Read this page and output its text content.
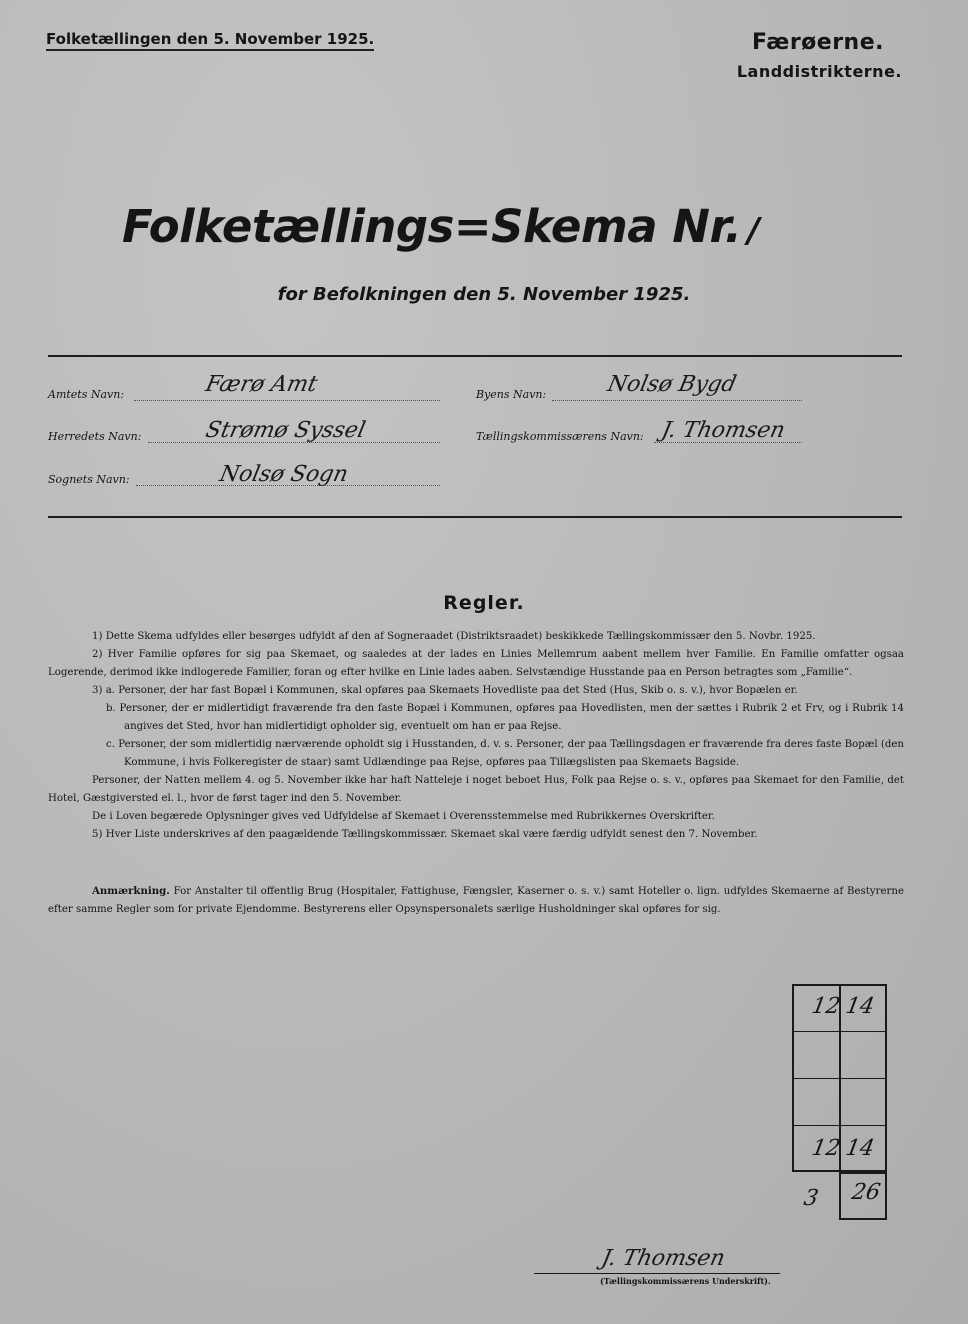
Folketællingen den 5. November 1925.	Færøerne.
Landdistrikterne.
Folketællings=Skema Nr. /
for Befolkningen den 5. November 1925.
Amtets Navn:	Færø Amt
Herredets Navn:	Strømø Syssel
Sognets Navn:	Nolsø Sogn
Byens Navn:	Nolsø Bygd
Tællingskommissærens Navn: J. Thomsen
Regler.

1) Dette Skema udfyldes eller besørges udfyldt af den af Sogneraadet (Distriktsraadet) beskikkede Tællingskommissær den 5. Novbr. 1925.

2) Hver Familie opføres for sig paa Skemaet, og saaledes at der lades en Linies Mellemrum aabent mellem hver Familie. En Familie omfatter ogsaa Logerende, derimod ikke indlogerede Familier, foran og efter hvilke en Linie lades aaben. Selvstændige Husstande paa en Person betragtes som „Familie“.

3) a. Personer, der har fast Bopæl i Kommunen, skal opføres paa Skemaets Hovedliste paa det Sted (Hus, Skib o. s. v.), hvor Bopælen er.

b. Personer, der er midlertidigt fraværende fra den faste Bopæl i Kommunen, opføres paa Hovedlisten, men der sættes i Rubrik 2 et Frv, og i Rubrik 14 angives det Sted, hvor han midlertidigt opholder sig, eventuelt om han er paa Rejse.

c. Personer, der som midlertidig nærværende opholdt sig i Husstanden, d. v. s. Personer, der paa Tællingsdagen er fraværende fra deres faste Bopæl (den Kommune, i hvis Folkeregister de staar) samt Udlændinge paa Rejse, opføres paa Tillægslisten paa Skemaets Bagside.

Personer, der Natten mellem 4. og 5. November ikke har haft Natteleje i noget beboet Hus, Folk paa Rejse o. s. v., opføres paa Skemaet for den Familie, det Hotel, Gæstgiversted el. l., hvor de først tager ind den 5. November.

De i Loven begærede Oplysninger gives ved Udfyldelse af Skemaet i Overensstemmelse med Rubrikkernes Overskrifter.

5) Hver Liste underskrives af den paagældende Tællingskommissær. Skemaet skal være færdig udfyldt senest den 7. November.

Anmærkning. For Anstalter til offentlig Brug (Hospitaler, Fattighuse, Fængsler, Kaserner o. s. v.) samt Hoteller o. lign. udfyldes Skemaerne af Bestyrerne efter samme Regler som for private Ejendomme. Bestyrerens eller Opsynspersonalets særlige Husholdninger skal opføres for sig.
12 14
12 14
3 26
J. Thomsen
(Tællingskommissærens Underskrift).
